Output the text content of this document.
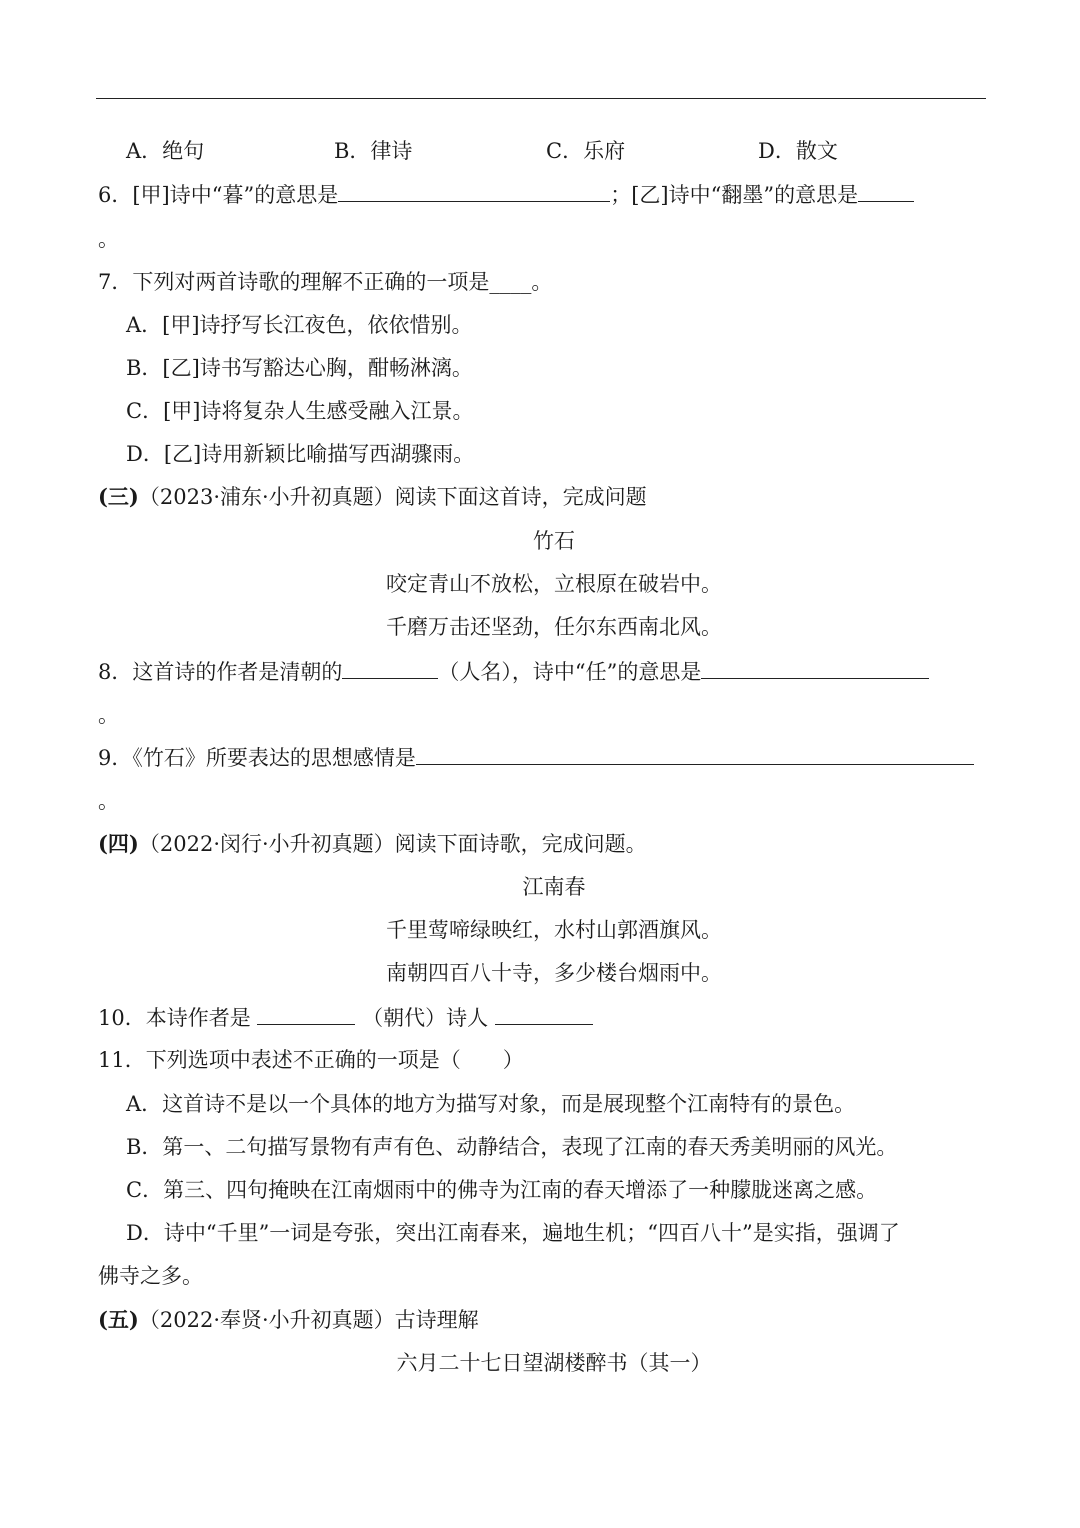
A．绝句	B．律诗	C．乐府	D．散文
6．[甲]诗中“暮”的意思是	；[乙]诗中“翻墨”的意思是
。
7．下列对两首诗歌的理解不正确的一项是____。
A．[甲]诗抒写长江夜色，依依惜别。
B．[乙]诗书写豁达心胸，酣畅淋漓。
C．[甲]诗将复杂人生感受融入江景。
D．[乙]诗用新颖比喻描写西湖骤雨。
(三)（2023·浦东·小升初真题）阅读下面这首诗，完成问题
竹石
咬定青山不放松，立根原在破岩中。
千磨万击还坚劲，任尔东西南北风。
8．这首诗的作者是清朝的	（人名），诗中“任”的意思是
。
9．《竹石》所要表达的思想感情是
。
(四)（2022·闵行·小升初真题）阅读下面诗歌，完成问题。
江南春
千里莺啼绿映红，水村山郭酒旗风。
南朝四百八十寺，多少楼台烟雨中。
10．本诗作者是	（朝代）诗人
11．下列选项中表述不正确的一项是（　　）
A．这首诗不是以一个具体的地方为描写对象，而是展现整个江南特有的景色。
B．第一、二句描写景物有声有色、动静结合，表现了江南的春天秀美明丽的风光。
C．第三、四句掩映在江南烟雨中的佛寺为江南的春天增添了一种朦胧迷离之感。
D．诗中“千里”一词是夸张，突出江南春来，遍地生机；“四百八十”是实指，强调了
佛寺之多。
(五)（2022·奉贤·小升初真题）古诗理解
六月二十七日望湖楼醉书（其一）
